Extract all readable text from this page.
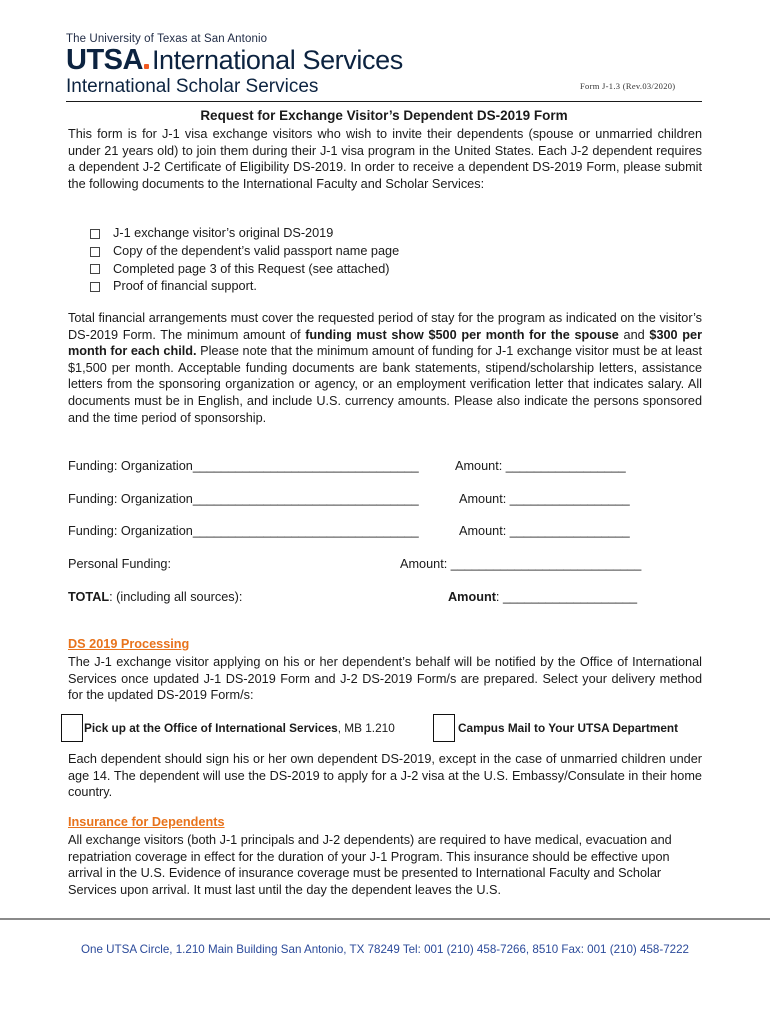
The University of Texas at San Antonio
UTSA International Services
International Scholar Services	Form J-1.3 (Rev.03/2020)
Request for Exchange Visitor’s Dependent DS-2019 Form
This form is for J-1 visa exchange visitors who wish to invite their dependents (spouse or unmarried children under 21 years old) to join them during their J-1 visa program in the United States. Each J-2 dependent requires a dependent J-2 Certificate of Eligibility DS-2019. In order to receive a dependent DS-2019 Form, please submit the following documents to the International Faculty and Scholar Services:
J-1 exchange visitor’s original DS-2019
Copy of the dependent’s valid passport name page
Completed page 3 of this Request (see attached)
Proof of financial support.
Total financial arrangements must cover the requested period of stay for the program as indicated on the visitor’s DS-2019 Form. The minimum amount of funding must show $500 per month for the spouse and $300 per month for each child. Please note that the minimum amount of funding for J-1 exchange visitor must be at least $1,500 per month. Acceptable funding documents are bank statements, stipend/scholarship letters, assistance letters from the sponsoring organization or agency, or an employment verification letter that indicates salary. All documents must be in English, and include U.S. currency amounts. Please also indicate the persons sponsored and the time period of sponsorship.
Funding: Organization________________________________	Amount: _________________
Funding: Organization________________________________	Amount: _________________
Funding: Organization________________________________	Amount: _________________
Personal Funding:	Amount: ___________________________
TOTAL: (including all sources):	Amount: ___________________
DS 2019 Processing
The J-1 exchange visitor applying on his or her dependent’s behalf will be notified by the Office of International Services once updated J-1 DS-2019 Form and J-2 DS-2019 Form/s are prepared. Select your delivery method for the updated DS-2019 Form/s:
Pick up at the Office of International Services, MB 1.210	Campus Mail to Your UTSA Department
Each dependent should sign his or her own dependent DS-2019, except in the case of unmarried children under age 14. The dependent will use the DS-2019 to apply for a J-2 visa at the U.S. Embassy/Consulate in their home country.
Insurance for Dependents
All exchange visitors (both J-1 principals and J-2 dependents) are required to have medical, evacuation and repatriation coverage in effect for the duration of your J-1 Program. This insurance should be effective upon arrival in the U.S. Evidence of insurance coverage must be presented to International Faculty and Scholar Services upon arrival. It must last until the day the dependent leaves the U.S.
One UTSA Circle, 1.210 Main Building San Antonio, TX 78249 Tel: 001 (210) 458-7266, 8510 Fax: 001 (210) 458-7222
